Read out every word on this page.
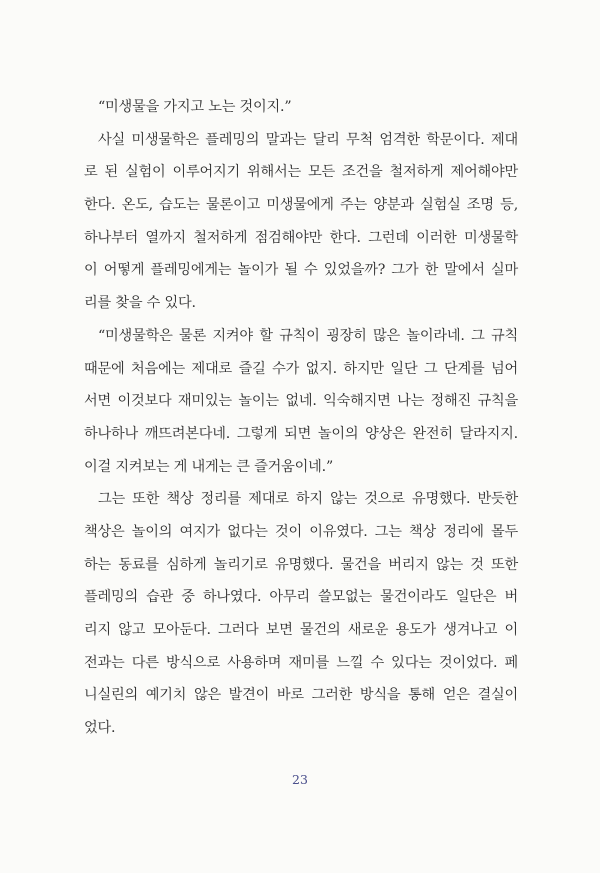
“미생물을 가지고 노는 것이지.”

사실 미생물학은 플레밍의 말과는 달리 무척 엄격한 학문이다. 제대
로 된 실험이 이루어지기 위해서는 모든 조건을 철저하게 제어해야만
한다. 온도, 습도는 물론이고 미생물에게 주는 양분과 실험실 조명 등,
하나부터 열까지 철저하게 점검해야만 한다. 그런데 이러한 미생물학
이 어떻게 플레밍에게는 놀이가 될 수 있었을까? 그가 한 말에서 실마
리를 찾을 수 있다.

“미생물학은 물론 지켜야 할 규칙이 굉장히 많은 놀이라네. 그 규칙
때문에 처음에는 제대로 즐길 수가 없지. 하지만 일단 그 단계를 넘어
서면 이것보다 재미있는 놀이는 없네. 익숙해지면 나는 정해진 규칙을
하나하나 깨뜨려본다네. 그렇게 되면 놀이의 양상은 완전히 달라지지.
이걸 지켜보는 게 내게는 큰 즐거움이네.”

그는 또한 책상 정리를 제대로 하지 않는 것으로 유명했다. 반듯한
책상은 놀이의 여지가 없다는 것이 이유였다. 그는 책상 정리에 몰두
하는 동료를 심하게 놀리기로 유명했다. 물건을 버리지 않는 것 또한
플레밍의 습관 중 하나였다. 아무리 쓸모없는 물건이라도 일단은 버
리지 않고 모아둔다. 그러다 보면 물건의 새로운 용도가 생겨나고 이
전과는 다른 방식으로 사용하며 재미를 느낄 수 있다는 것이었다. 페
니실린의 예기치 않은 발견이 바로 그러한 방식을 통해 얻은 결실이
었다.

23
